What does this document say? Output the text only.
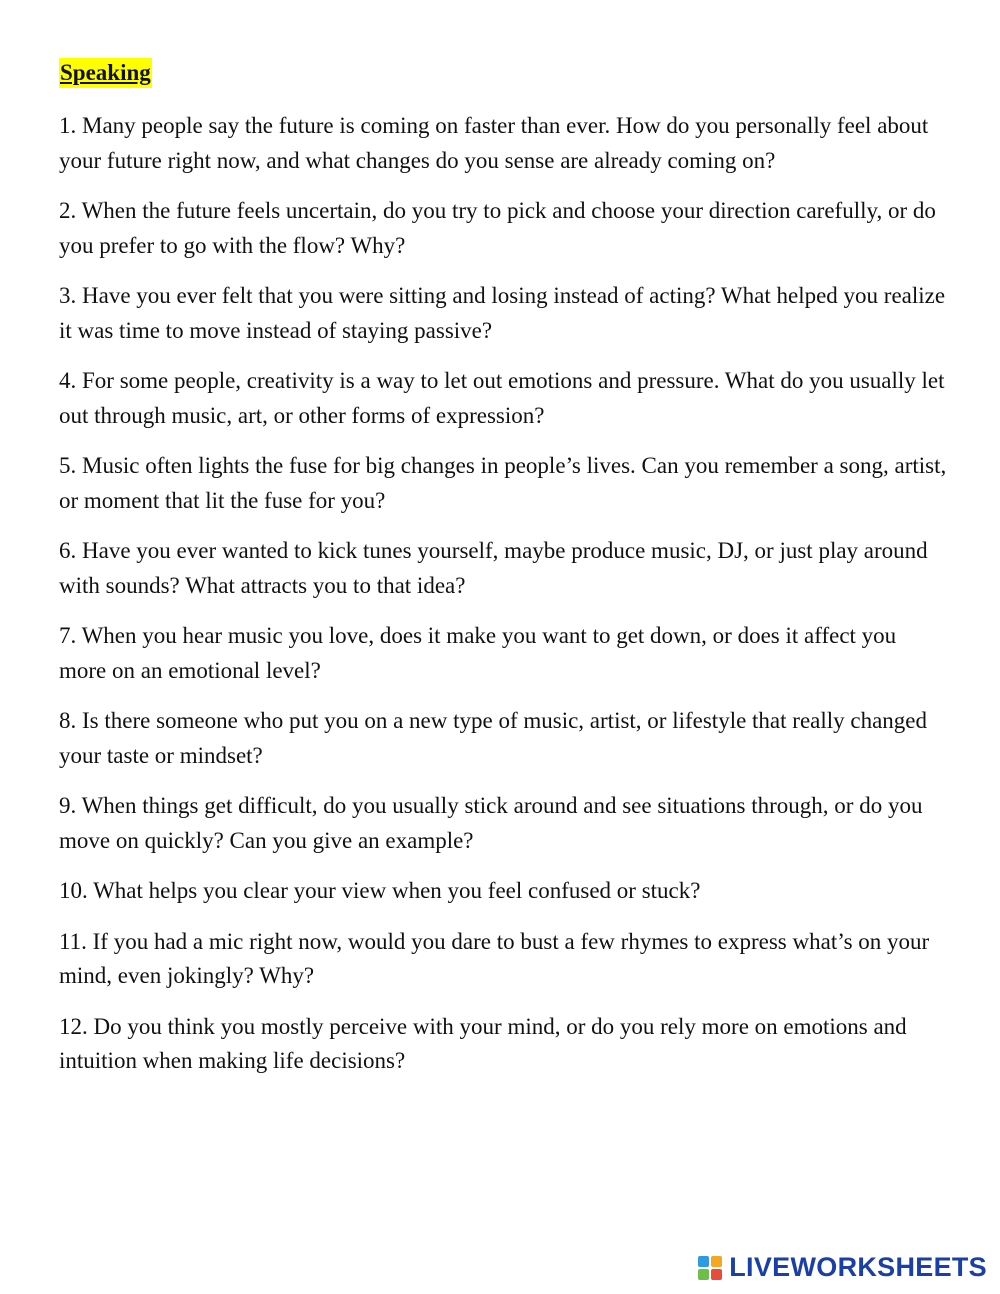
Speaking
1. Many people say the future is coming on faster than ever. How do you personally feel about your future right now, and what changes do you sense are already coming on?
2. When the future feels uncertain, do you try to pick and choose your direction carefully, or do you prefer to go with the flow? Why?
3. Have you ever felt that you were sitting and losing instead of acting? What helped you realize it was time to move instead of staying passive?
4. For some people, creativity is a way to let out emotions and pressure. What do you usually let out through music, art, or other forms of expression?
5. Music often lights the fuse for big changes in people’s lives. Can you remember a song, artist, or moment that lit the fuse for you?
6. Have you ever wanted to kick tunes yourself, maybe produce music, DJ, or just play around with sounds? What attracts you to that idea?
7. When you hear music you love, does it make you want to get down, or does it affect you more on an emotional level?
8. Is there someone who put you on a new type of music, artist, or lifestyle that really changed your taste or mindset?
9. When things get difficult, do you usually stick around and see situations through, or do you move on quickly? Can you give an example?
10. What helps you clear your view when you feel confused or stuck?
11. If you had a mic right now, would you dare to bust a few rhymes to express what’s on your mind, even jokingly? Why?
12. Do you think you mostly perceive with your mind, or do you rely more on emotions and intuition when making life decisions?
LIVEWORKSHEETS
